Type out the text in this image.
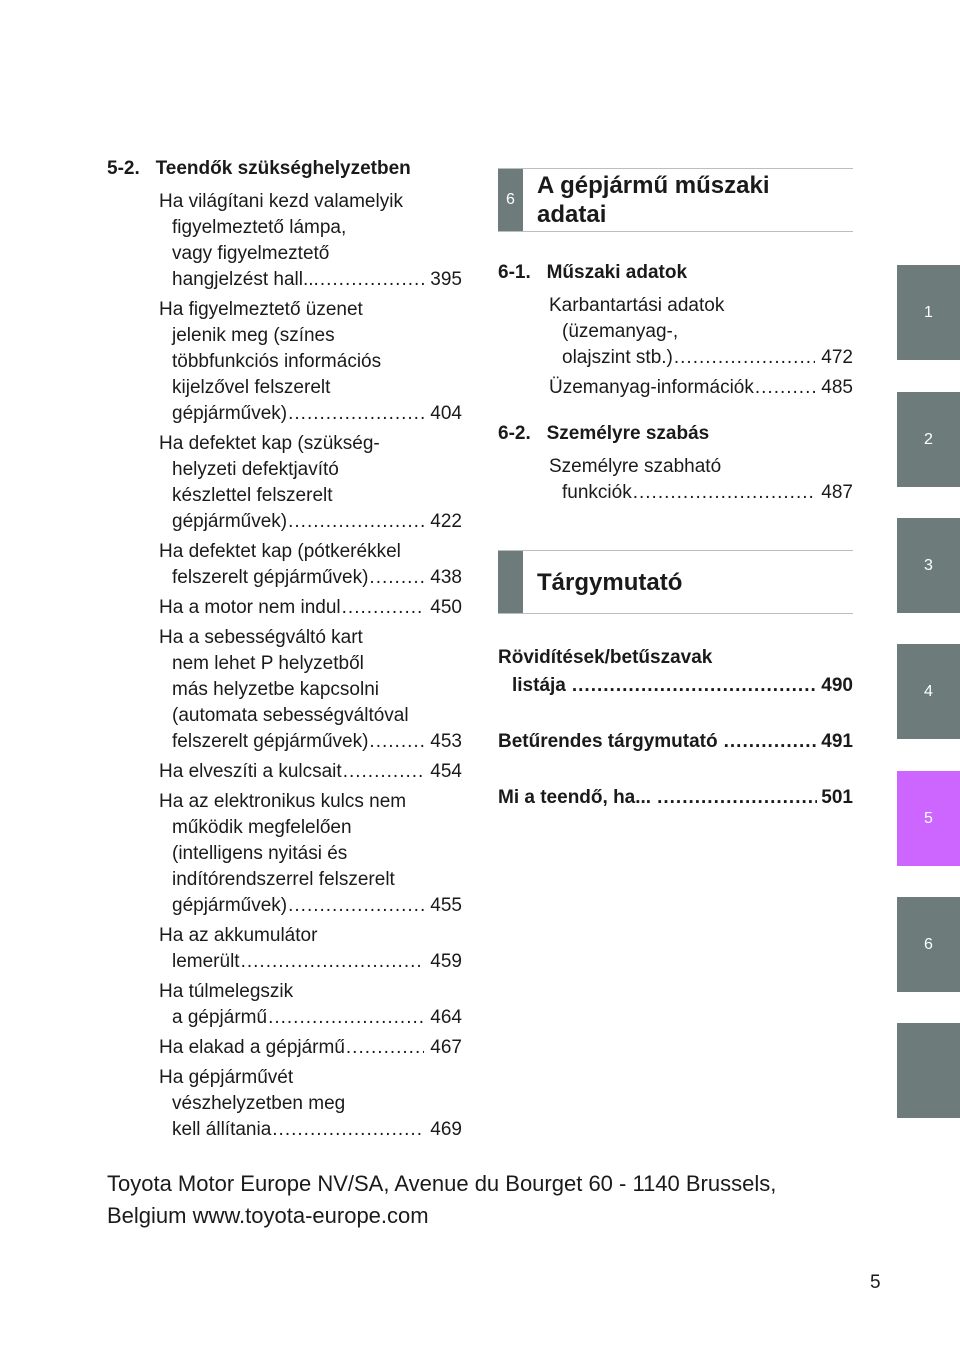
5-2.   Teendők szükséghelyzetben
Ha világítani kezd valamelyik
figyelmeztető lámpa,
vagy figyelmeztető
hangjelzést hall... .....	395
Ha figyelmeztető üzenet
jelenik meg (színes
többfunkciós információs
kijelzővel felszerelt
gépjárművek) .....	404
Ha defektet kap (szükség-
helyzeti defektjavító
készlettel felszerelt
gépjárművek) .....	422
Ha defektet kap (pótkerékkel
felszerelt gépjárművek) .....	438
Ha a motor nem indul .....	450
Ha a sebességváltó kart
nem lehet P helyzetből
más helyzetbe kapcsolni
(automata sebességváltóval
felszerelt gépjárművek) .....	453
Ha elveszíti a kulcsait .....	454
Ha az elektronikus kulcs nem
működik megfelelően
(intelligens nyitási és
indítórendszerrel felszerelt
gépjárművek) .....	455
Ha az akkumulátor
lemerült .....	459
Ha túlmelegszik
a gépjármű .....	464
Ha elakad a gépjármű .....	467
Ha gépjárművét
vészhelyzetben meg
kell állítania .....	469
6
A gépjármű műszaki
adatai
6-1.   Műszaki adatok
Karbantartási adatok
(üzemanyag-,
olajszint stb.) .....	472
Üzemanyag-információk .....	485
6-2.   Személyre szabás
Személyre szabható
funkciók .....	487
Tárgymutató
Rövidítések/betűszavak
listája .....	490
Betűrendes tárgymutató .....	491
Mi a teendő, ha... .....	501
Toyota Motor Europe NV/SA, Avenue du Bourget 60 - 1140 Brussels,
Belgium www.toyota-europe.com
5
1
2
3
4
5
6
